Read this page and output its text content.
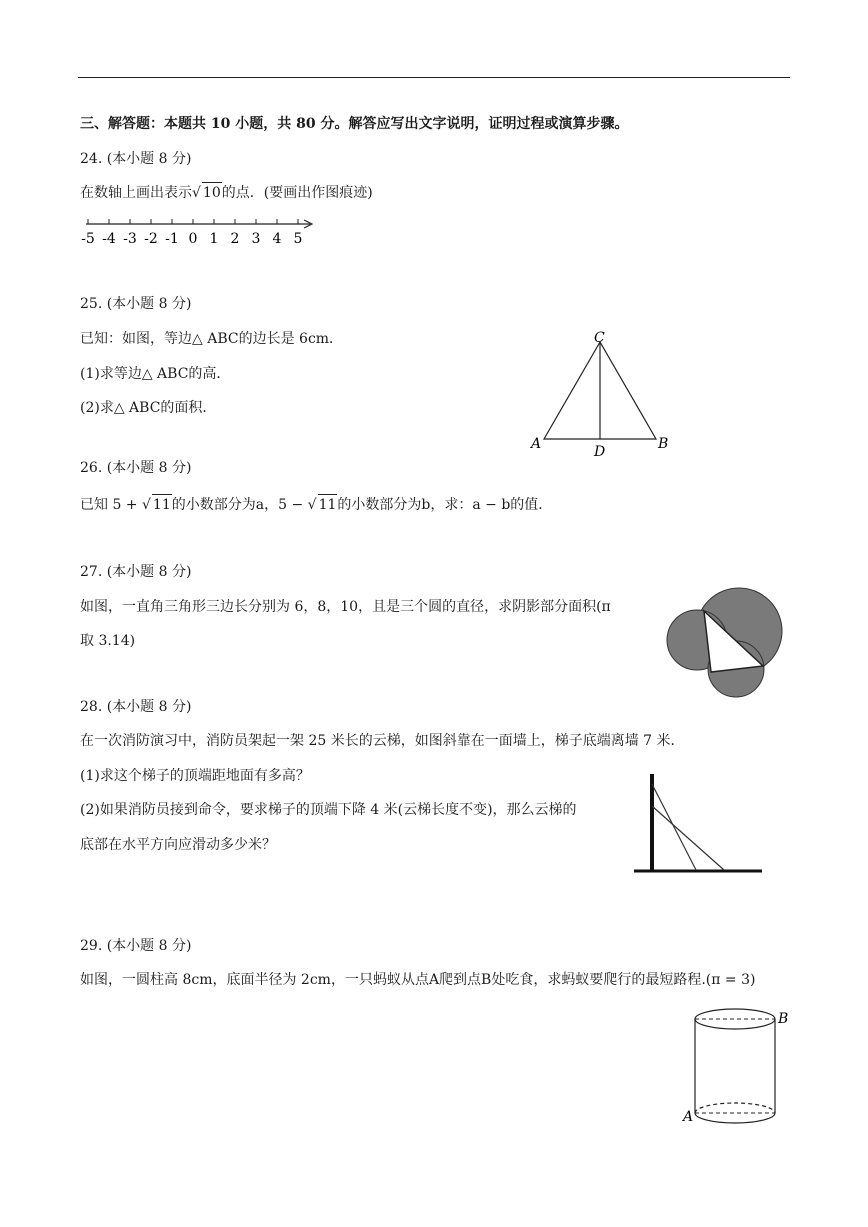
三、解答题：本题共 10 小题，共 80 分。解答应写出文字说明，证明过程或演算步骤。
24. (本小题 8 分)
在数轴上画出表示√ 10的点．(要画出作图痕迹)
-5 -4 -3 -2 -1 0 1 2 3 4 5
25. (本小题 8 分)
已知：如图，等边△ ABC的边长是 6cm．
(1)求等边△ ABC的高．
(2)求△ ABC的面积．
C
A	B
D
26. (本小题 8 分)
已知 5 + √ 11的小数部分为a，5 − √ 11的小数部分为b，求：a − b的值．
27. (本小题 8 分)
如图，一直角三角形三边长分别为 6，8，10，且是三个圆的直径，求阴影部分面积(π
取 3.14)
28. (本小题 8 分)
在一次消防演习中，消防员架起一架 25 米长的云梯，如图斜靠在一面墙上，梯子底端离墙 7 米．
(1)求这个梯子的顶端距地面有多高？
(2)如果消防员接到命令，要求梯子的顶端下降 4 米(云梯长度不变)，那么云梯的
底部在水平方向应滑动多少米？
29. (本小题 8 分)
如图，一圆柱高 8cm，底面半径为 2cm，一只蚂蚁从点A爬到点B处吃食，求蚂蚁要爬行的最短路程.(π = 3)
B
A
